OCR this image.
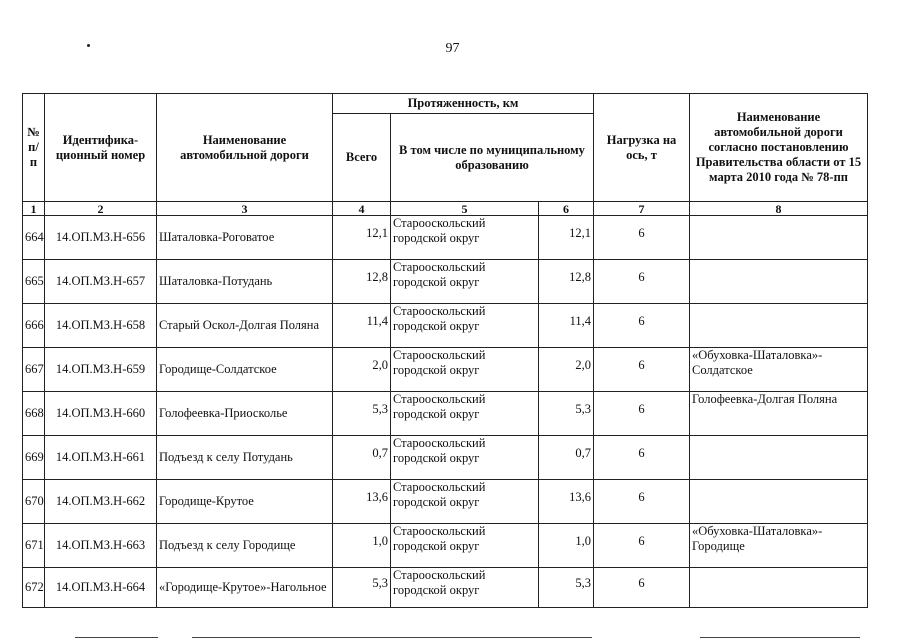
97
№ п/п	Идентифика-ционный номер	Наименование автомобильной дороги	Протяженность, км			Нагрузка на ось, т	Наименование автомобильной дороги согласно постановлению Правительства области от 15 марта 2010 года № 78-пп
			Всего	В том числе по муниципальному образованию			
1	2	3	4	5	6	7	8
664	14.ОП.МЗ.Н-656	Шаталовка-Роговатое	12,1	Старооскольский городской округ	12,1	6	
665	14.ОП.МЗ.Н-657	Шаталовка-Потудань	12,8	Старооскольский городской округ	12,8	6	
666	14.ОП.МЗ.Н-658	Старый Оскол-Долгая Поляна	11,4	Старооскольский городской округ	11,4	6	
667	14.ОП.МЗ.Н-659	Городище-Солдатское	2,0	Старооскольский городской округ	2,0	6	«Обуховка-Шаталовка»-Солдатское
668	14.ОП.МЗ.Н-660	Голофеевка-Приосколье	5,3	Старооскольский городской округ	5,3	6	Голофеевка-Долгая Поляна
669	14.ОП.МЗ.Н-661	Подъезд к селу Потудань	0,7	Старооскольский городской округ	0,7	6	
670	14.ОП.МЗ.Н-662	Городище-Крутое	13,6	Старооскольский городской округ	13,6	6	
671	14.ОП.МЗ.Н-663	Подъезд к селу Городище	1,0	Старооскольский городской округ	1,0	6	«Обуховка-Шаталовка»-Городище
672	14.ОП.МЗ.Н-664	«Городище-Крутое»-Нагольное	5,3	Старооскольский городской округ	5,3	6	
